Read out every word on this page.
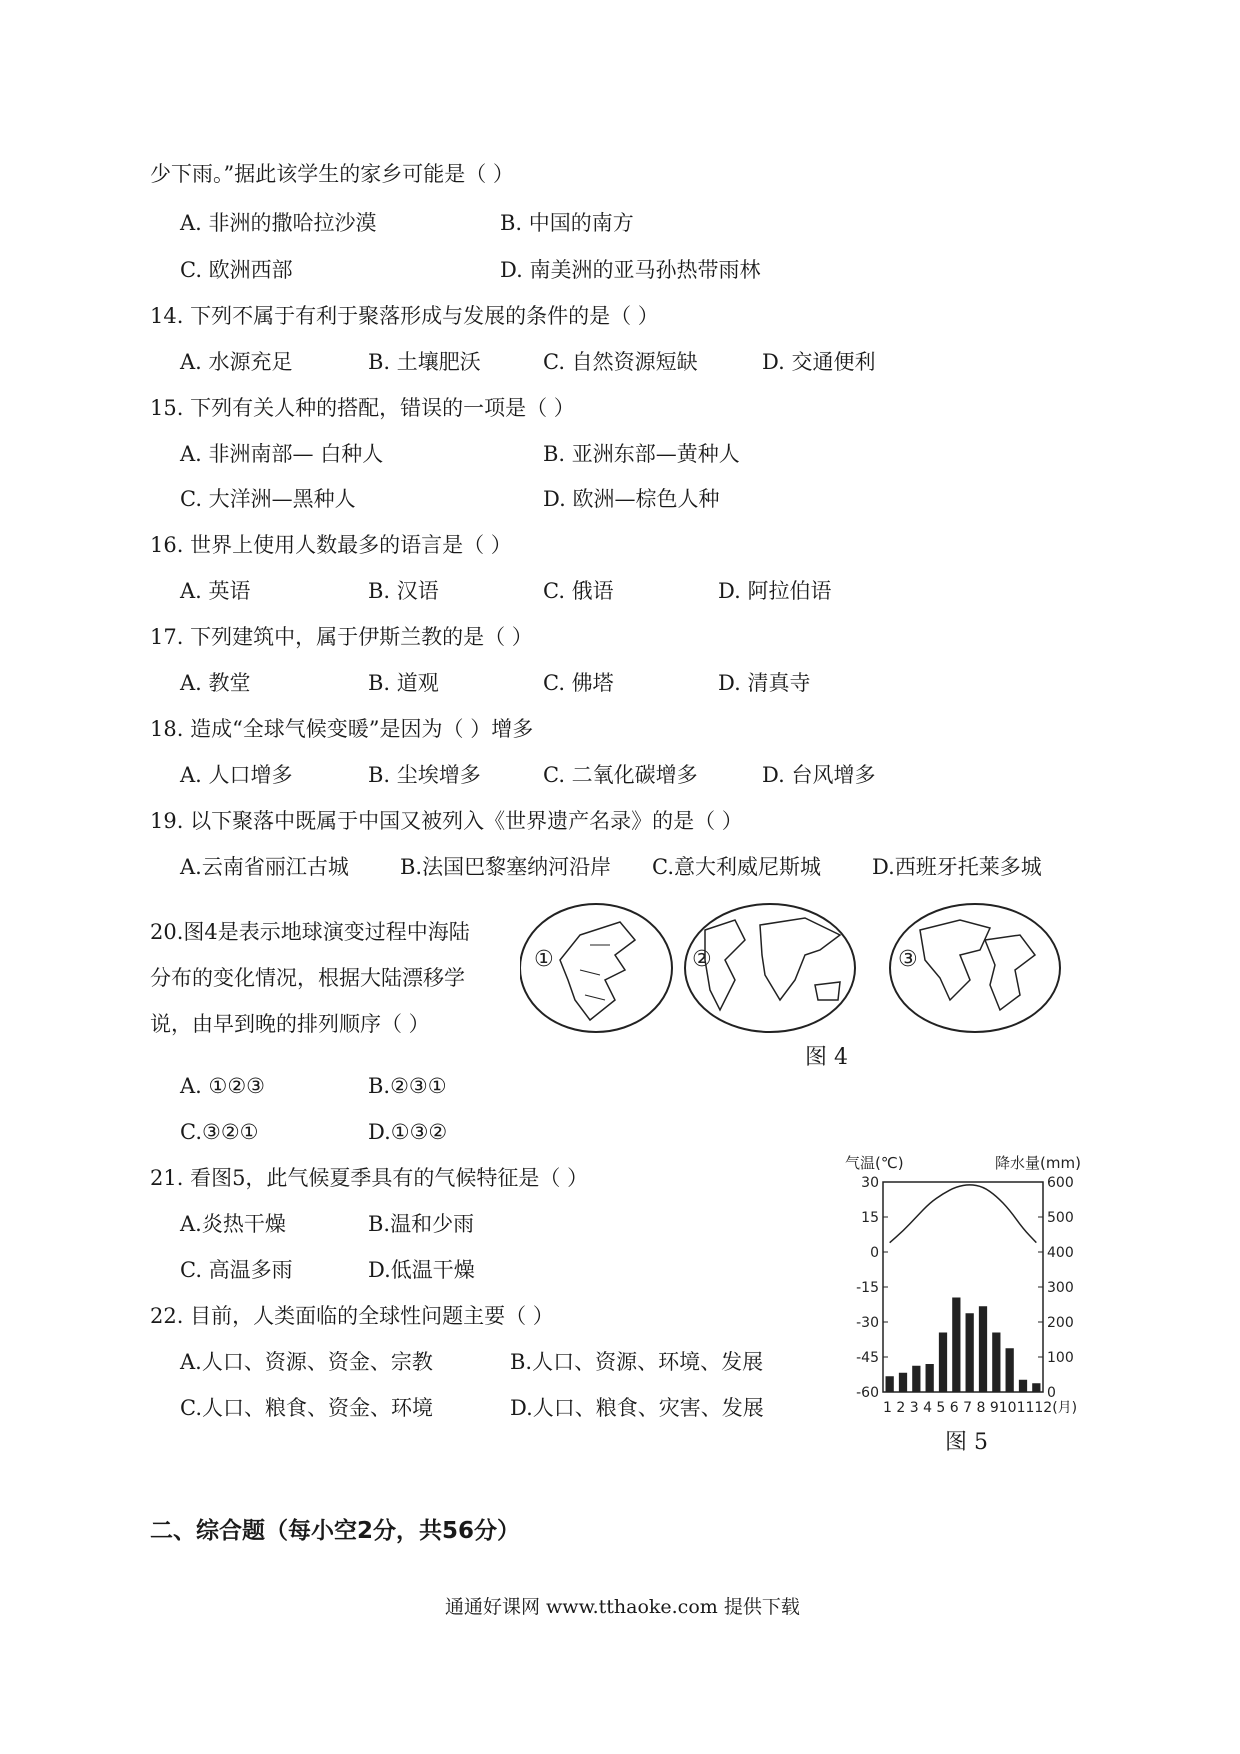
少下雨。”据此该学生的家乡可能是（ ）
A. 非洲的撒哈拉沙漠	B. 中国的南方
C. 欧洲西部	D. 南美洲的亚马孙热带雨林
14. 下列不属于有利于聚落形成与发展的条件的是（ ）
A. 水源充足	B. 土壤肥沃	C. 自然资源短缺	D. 交通便利
15. 下列有关人种的搭配，错误的一项是（ ）
A. 非洲南部— 白种人	B. 亚洲东部—黄种人
C. 大洋洲—黑种人	D. 欧洲—棕色人种
16. 世界上使用人数最多的语言是（ ）
A. 英语	B. 汉语	C. 俄语	D. 阿拉伯语
17. 下列建筑中，属于伊斯兰教的是（ ）
A. 教堂	B. 道观	C. 佛塔	D. 清真寺
18. 造成“全球气候变暖”是因为（ ）增多
A. 人口增多	B. 尘埃增多	C. 二氧化碳增多	D. 台风增多
19. 以下聚落中既属于中国又被列入《世界遗产名录》的是（ ）
A.云南省丽江古城 B.法国巴黎塞纳河沿岸 C.意大利威尼斯城 D.西班牙托莱多城
20.图4是表示地球演变过程中海陆
分布的变化情况，根据大陆漂移学
说，由早到晚的排列顺序（ ）
①	②	③
图 4
A. ①②③	B.②③①
C.③②①	D.①③②
21. 看图5，此气候夏季具有的气候特征是（ ）
A.炎热干燥	B.温和少雨
C. 高温多雨	D.低温干燥
22. 目前，人类面临的全球性问题主要（ ）
A.人口、资源、资金、宗教	B.人口、资源、环境、发展
C.人口、粮食、资金、环境	D.人口、粮食、灾害、发展
气温(℃)	降水量(mm)
30
15
0
-15
-30
-45
-60
600
500
400
300
200
100
0
1 2 3 4 5 6 7 8 9101112(月)
图 5
二、综合题（每小空2分，共56分）
通通好课网 www.tthaoke.com 提供下载
